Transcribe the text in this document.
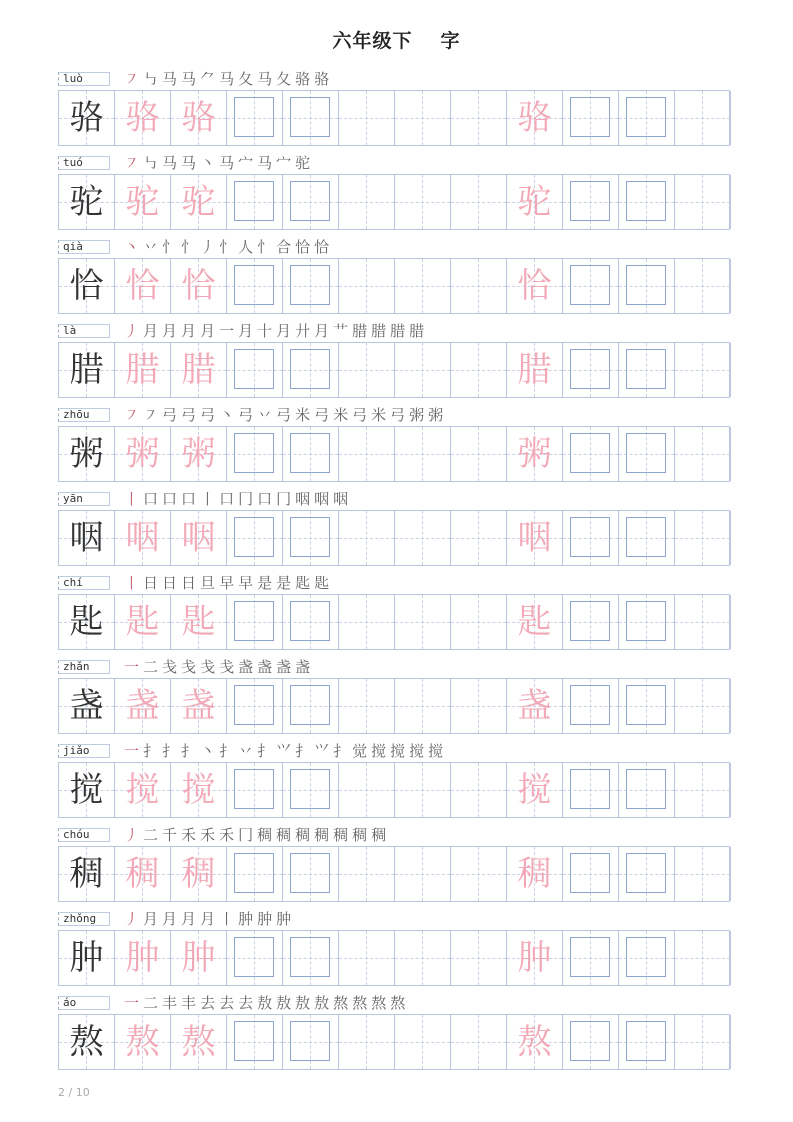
六年级下 字
luò	㇇㇉马马⺈马夂马夂骆骆
骆 骆 骆	骆
tuó	㇇㇉马马丶马宀马宀驼
驼 驼 驼	驼
qià	丶丷忄忄丿忄人忄合恰恰
恰 恰 恰	恰
là	丿月月月月一月十月廾月艹腊腊腊腊
腊 腊 腊	腊
zhōu	㇇㇇弓弓弓丶弓丷弓米弓米弓米弓粥粥
粥 粥 粥	粥
yān	丨口口口丨口冂口冂咽咽咽
咽 咽 咽	咽
chí	丨日日日旦早早是是匙匙
匙 匙 匙	匙
zhǎn	一二戋戋戋戋盏盏盏盏
盏 盏 盏	盏
jiǎo	一扌扌扌丶扌丷扌⺍扌⺍扌觉搅搅搅搅
搅 搅 搅	搅
chóu	丿二千禾禾禾冂稠稠稠稠稠稠稠
稠 稠 稠	稠
zhǒng	丿月月月月丨肿肿肿
肿 肿 肿	肿
áo	一二丰丰去去去敖敖敖敖熬熬熬熬
熬 熬 熬	熬
2 / 10
